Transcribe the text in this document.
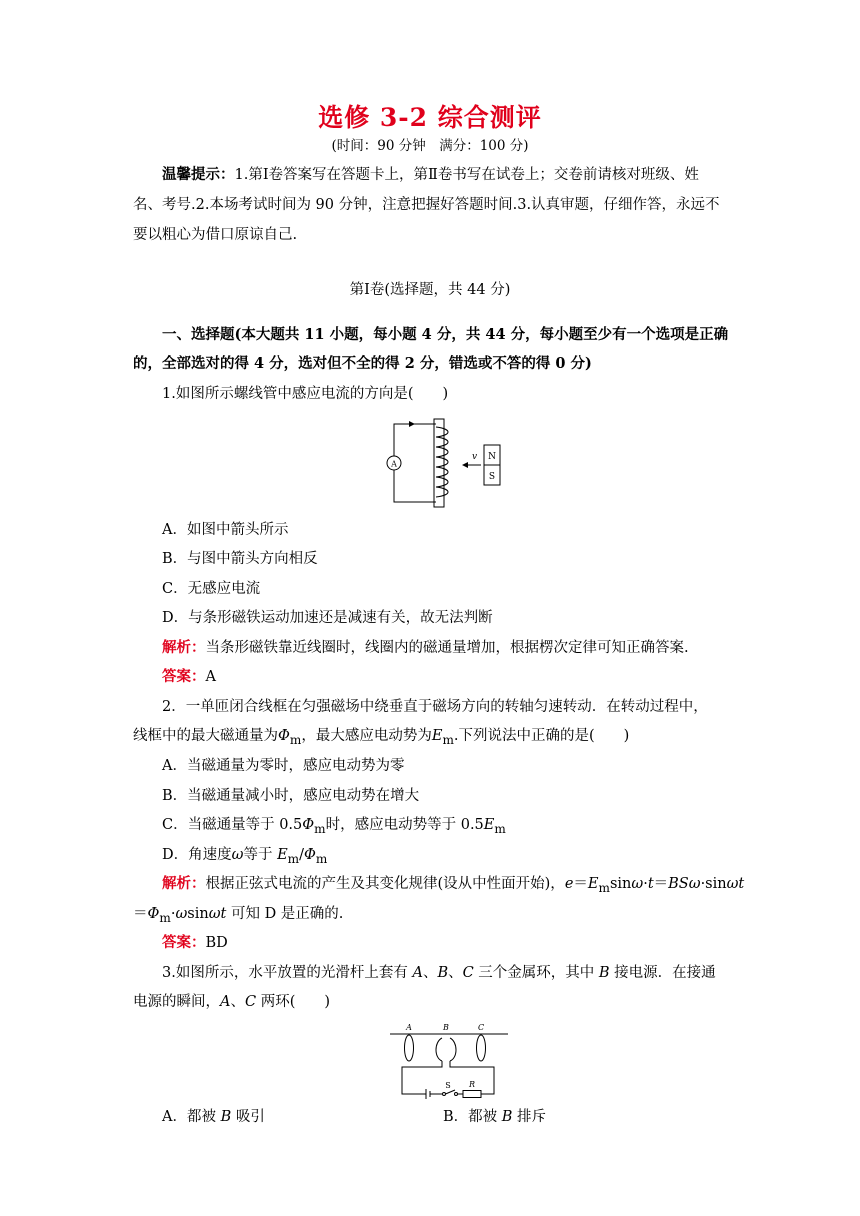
选修 3-2 综合测评
(时间：90 分钟　满分：100 分)
温馨提示：1.第Ⅰ卷答案写在答题卡上，第Ⅱ卷书写在试卷上；交卷前请核对班级、姓
名、考号.2.本场考试时间为 90 分钟，注意把握好答题时间.3.认真审题，仔细作答，永远不
要以粗心为借口原谅自己.
第Ⅰ卷(选择题，共 44 分)
一、选择题(本大题共 11 小题，每小题 4 分，共 44 分，每小题至少有一个选项是正确
的，全部选对的得 4 分，选对但不全的得 2 分，错选或不答的得 0 分)
1.如图所示螺线管中感应电流的方向是(　　)
A
v N
S
A．如图中箭头所示
B．与图中箭头方向相反
C．无感应电流
D．与条形磁铁运动加速还是减速有关，故无法判断
解析：当条形磁铁靠近线圈时，线圈内的磁通量增加，根据楞次定律可知正确答案.
答案：A
2．一单匝闭合线框在匀强磁场中绕垂直于磁场方向的转轴匀速转动．在转动过程中，
线框中的最大磁通量为$\Phi_m$，最大感应电动势为$E_m$.下列说法中正确的是(　　)
A．当磁通量为零时，感应电动势为零
B．当磁通量减小时，感应电动势在增大
C．当磁通量等于 $0.5\Phi_m$时，感应电动势等于 $0.5E_m$
D．角速度ω等于 $E_m/\Phi_m$
解析：根据正弦式电流的产生及其变化规律(设从中性面开始)，$e=E_m\sin\omega\cdot t=BS\omega\cdot\sin\omega t$
$=\Phi_m\cdot\omega\sin\omega t$ 可知 D 是正确的.
答案：BD
3.如图所示，水平放置的光滑杆上套有 A、B、C 三个金属环，其中 B 接电源．在接通
电源的瞬间，A、C 两环(　　)
A	B	C
S R
A．都被 B 吸引	B．都被 B 排斥
